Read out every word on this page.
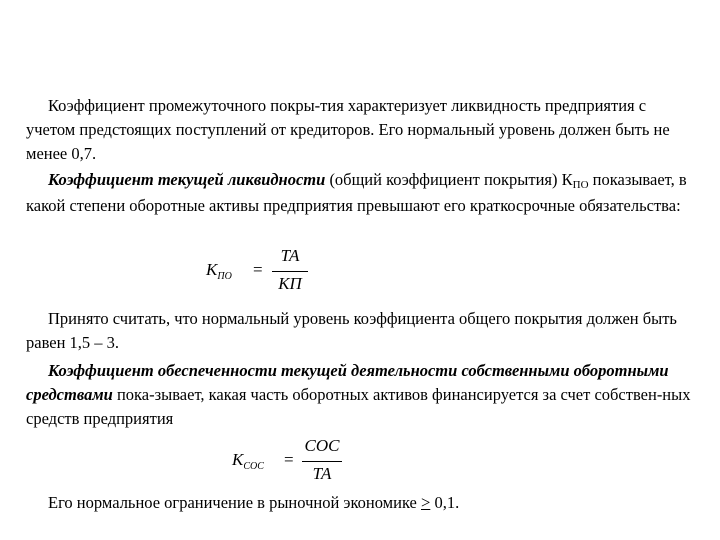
Коэффициент промежуточного покры-тия характеризует ликвидность предприятия с учетом предстоящих поступлений от кредиторов. Его нормальный уровень должен быть не менее 0,7.

Коэффициент текущей ликвидности (общий коэффициент покрытия) КПО показывает, в какой степени оборотные активы предприятия превышают его краткосрочные обязательства:

$K_{ПО}$ =
ТА
КП

Принято считать, что нормальный уровень коэффициента общего покрытия должен быть равен 1,5 – 3.

Коэффициент обеспеченности текущей деятельности собственными оборотными средствами пока-зывает, какая часть оборотных активов финансируется за счет собствен-ных средств предприятия

$K_{СОС}$ =
СОС
ТА

Его нормальное ограничение в рыночной экономике ≥ 0,1.
